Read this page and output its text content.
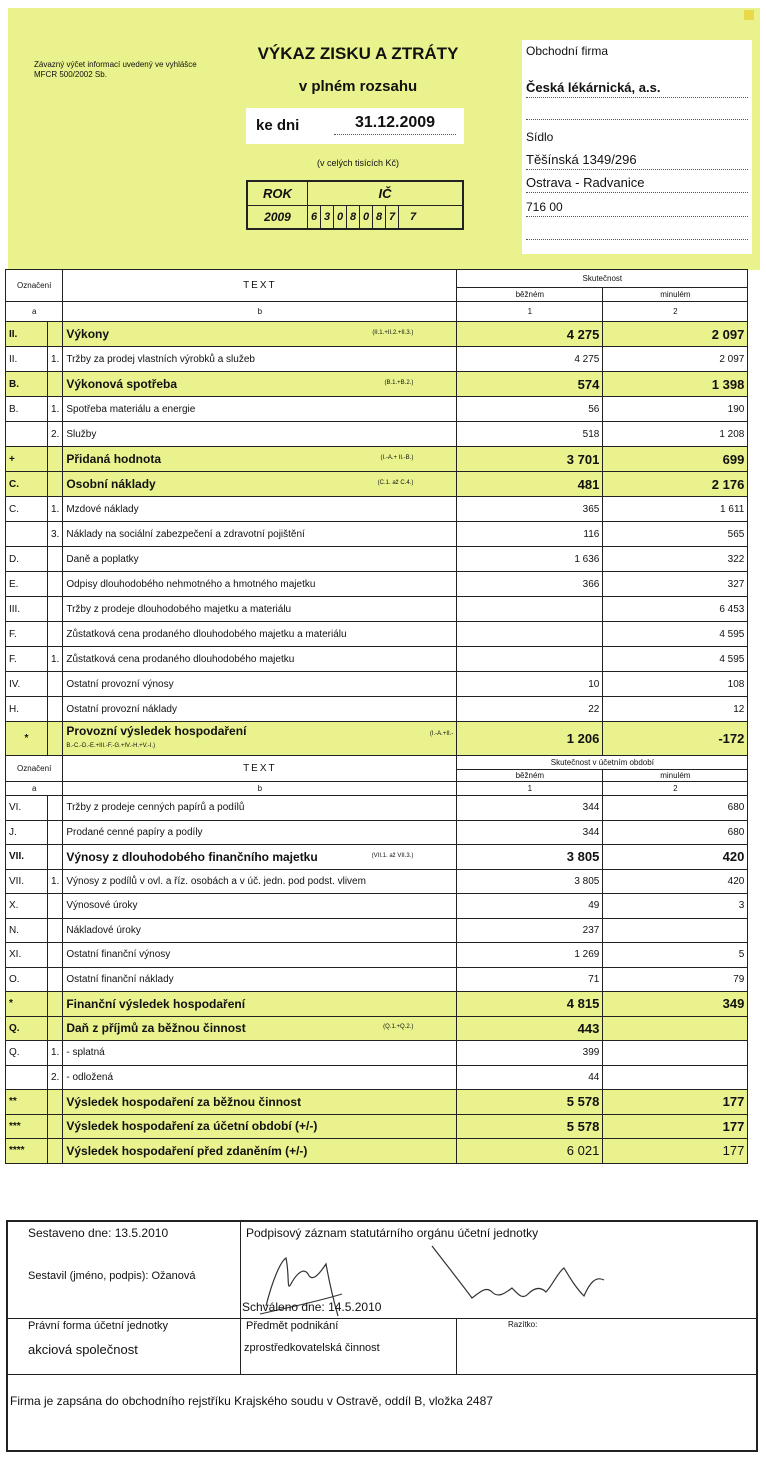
Závazný výčet informací uvedený ve vyhlášce MFCR 500/2002 Sb.
VÝKAZ ZISKU A ZTRÁTY
v plném rozsahu
ke dni	31.12.2009
(v celých tisících Kč)
ROK	IČ
2009	6 3 0 8 0 8 7	7
Obchodní firma
Česká lékárnická, a.s.
Sídlo
Těšínská 1349/296
Ostrava - Radvanice
716 00
Označení		TEXT	Skutečnost	
			běžném	minulém
a		b	1	2
II.		Výkony (II.1.+II.2.+II.3.)	4 275	2 097
II.	1.	Tržby za prodej vlastních výrobků a služeb	4 275	2 097
B.		Výkonová spotřeba (B.1.+B.2.)	574	1 398
B.	1.	Spotřeba materiálu a energie	56	190
	2.	Služby	518	1 208
+		Přidaná hodnota (I.-A.+ II.-B.)	3 701	699
C.		Osobní náklady (C.1. až C.4.)	481	2 176
C.	1.	Mzdové náklady	365	1 611
	3.	Náklady na sociální zabezpečení a zdravotní pojištění	116	565
D.		Daně a poplatky	1 636	322
E.		Odpisy dlouhodobého nehmotného a hmotného majetku	366	327
III.		Tržby z prodeje dlouhodobého majetku a materiálu		6 453
F.		Zůstatková cena prodaného dlouhodobého majetku a materiálu		4 595
F.	1.	Zůstatková cena prodaného dlouhodobého majetku		4 595
IV.		Ostatní provozní výnosy	10	108
H.		Ostatní provozní náklady	22	12
*		Provozní výsledek hospodaření (I.-A.+II.-

B.-C.-D.-E.+III.-F.-G.+IV.-H.+V.-I.)	1 206	-172
Označení		TEXT	Skutečnost v účetním období	
			běžném	minulém
a		b	1	2
VI.		Tržby z prodeje cenných papírů a podílů	344	680
J.		Prodané cenné papíry a podíly	344	680
VII.		Výnosy z dlouhodobého finančního majetku (VII.1. až VII.3.)	3 805	420
VII.	1.	Výnosy z podílů v ovl. a říz. osobách a v úč. jedn. pod podst. vlivem	3 805	420
X.		Výnosové úroky	49	3
N.		Nákladové úroky	237	
XI.		Ostatní finanční výnosy	1 269	5
O.		Ostatní finanční náklady	71	79
*		Finanční výsledek hospodaření	4 815	349
Q.		Daň z příjmů za běžnou činnost (Q.1.+Q.2.)	443	
Q.	1.	- splatná	399	
	2.	- odložená	44	
**		Výsledek hospodaření za běžnou činnost	5 578	177
***		Výsledek hospodaření za účetní období (+/-)	5 578	177
****		Výsledek hospodaření před zdaněním (+/-)	6 021	177
Sestaveno dne: 13.5.2010	Podpisový záznam statutárního orgánu účetní jednotky
Sestavil (jméno, podpis): Ožanová
Schváleno dne: 14.5.2010
Právní forma účetní jednotky
akciová společnost
Předmět podnikání
zprostředkovatelská činnost
Razítko:
Firma je zapsána do obchodního rejstříku Krajského soudu v Ostravě, oddíl B, vložka 2487
